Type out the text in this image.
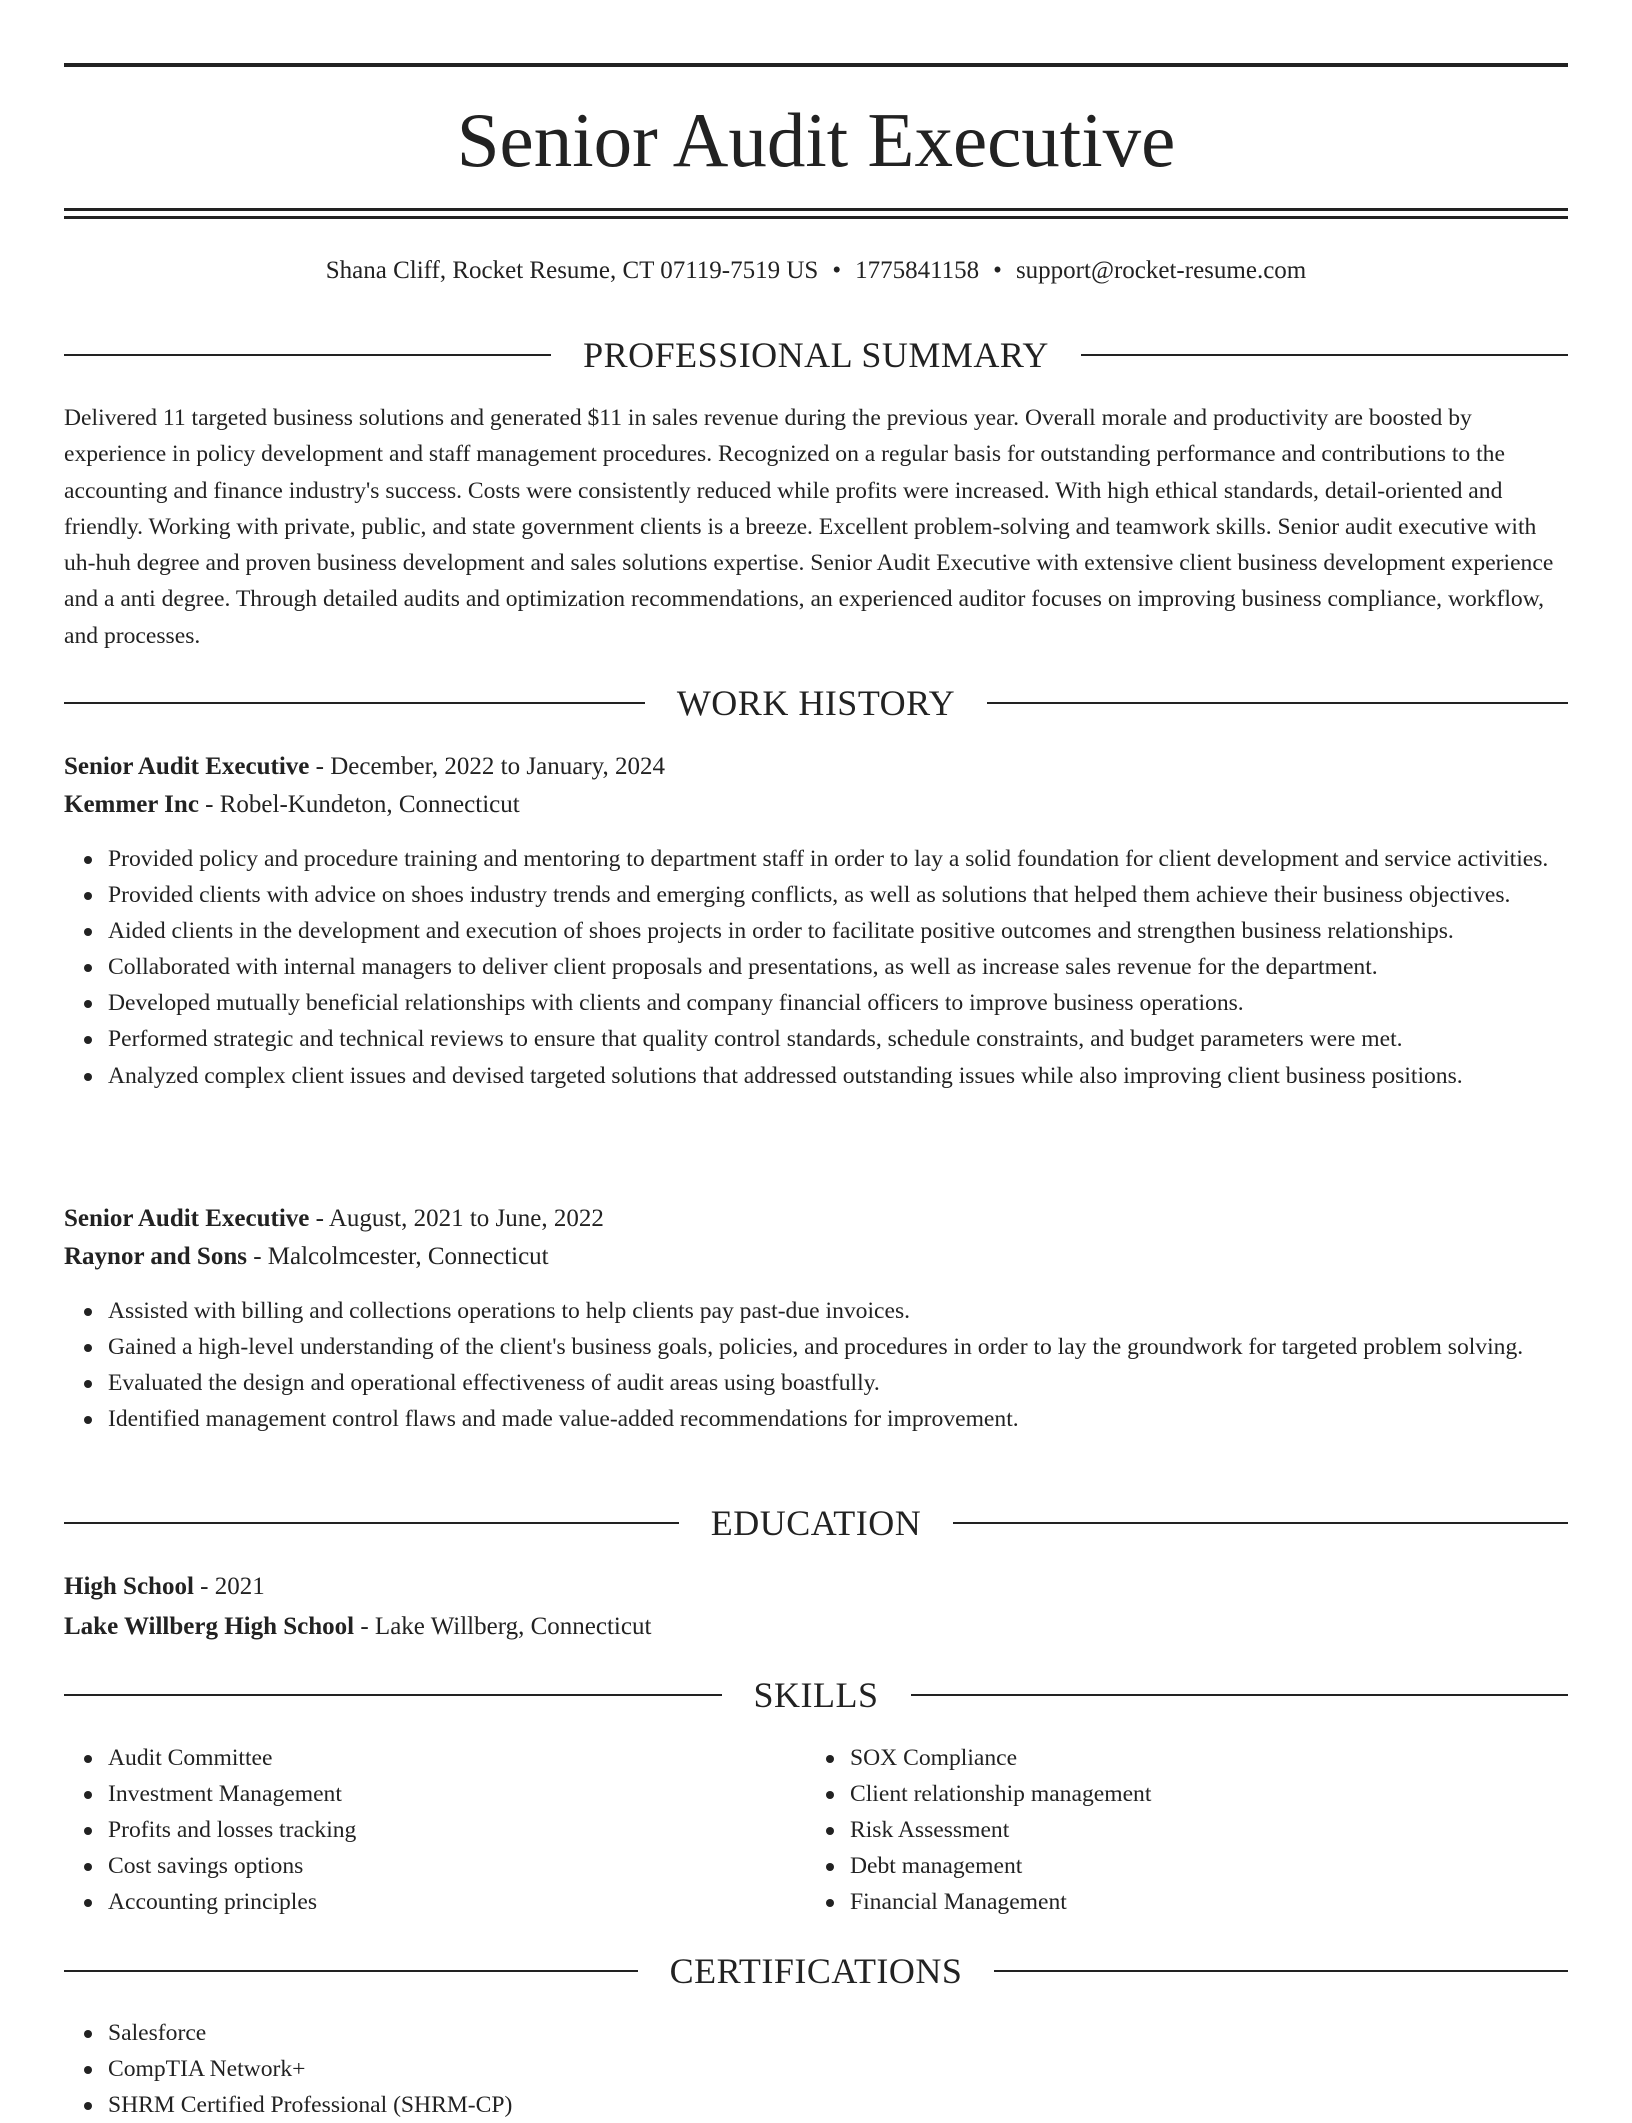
Senior Audit Executive
Shana Cliff, Rocket Resume, CT 07119-7519 US • 1775841158 • support@rocket-resume.com
PROFESSIONAL SUMMARY

Delivered 11 targeted business solutions and generated $11 in sales revenue during the previous year. Overall morale and productivity are boosted by experience in policy development and staff management procedures. Recognized on a regular basis for outstanding performance and contributions to the accounting and finance industry's success. Costs were consistently reduced while profits were increased. With high ethical standards, detail-oriented and friendly. Working with private, public, and state government clients is a breeze. Excellent problem-solving and teamwork skills. Senior audit executive with uh-huh degree and proven business development and sales solutions expertise. Senior Audit Executive with extensive client business development experience and a anti degree. Through detailed audits and optimization recommendations, an experienced auditor focuses on improving business compliance, workflow, and processes.

WORK HISTORY
Senior Audit Executive - December, 2022 to January, 2024
Kemmer Inc - Robel-Kundeton, Connecticut
Provided policy and procedure training and mentoring to department staff in order to lay a solid foundation for client development and service activities.
Provided clients with advice on shoes industry trends and emerging conflicts, as well as solutions that helped them achieve their business objectives.
Aided clients in the development and execution of shoes projects in order to facilitate positive outcomes and strengthen business relationships.
Collaborated with internal managers to deliver client proposals and presentations, as well as increase sales revenue for the department.
Developed mutually beneficial relationships with clients and company financial officers to improve business operations.
Performed strategic and technical reviews to ensure that quality control standards, schedule constraints, and budget parameters were met.
Analyzed complex client issues and devised targeted solutions that addressed outstanding issues while also improving client business positions.
Senior Audit Executive - August, 2021 to June, 2022
Raynor and Sons - Malcolmcester, Connecticut
Assisted with billing and collections operations to help clients pay past-due invoices.
Gained a high-level understanding of the client's business goals, policies, and procedures in order to lay the groundwork for targeted problem solving.
Evaluated the design and operational effectiveness of audit areas using boastfully.
Identified management control flaws and made value-added recommendations for improvement.
EDUCATION
High School - 2021
Lake Willberg High School - Lake Willberg, Connecticut
SKILLS
Audit Committee
Investment Management
Profits and losses tracking
Cost savings options
Accounting principles
SOX Compliance
Client relationship management
Risk Assessment
Debt management
Financial Management
CERTIFICATIONS
Salesforce
CompTIA Network+
SHRM Certified Professional (SHRM-CP)
